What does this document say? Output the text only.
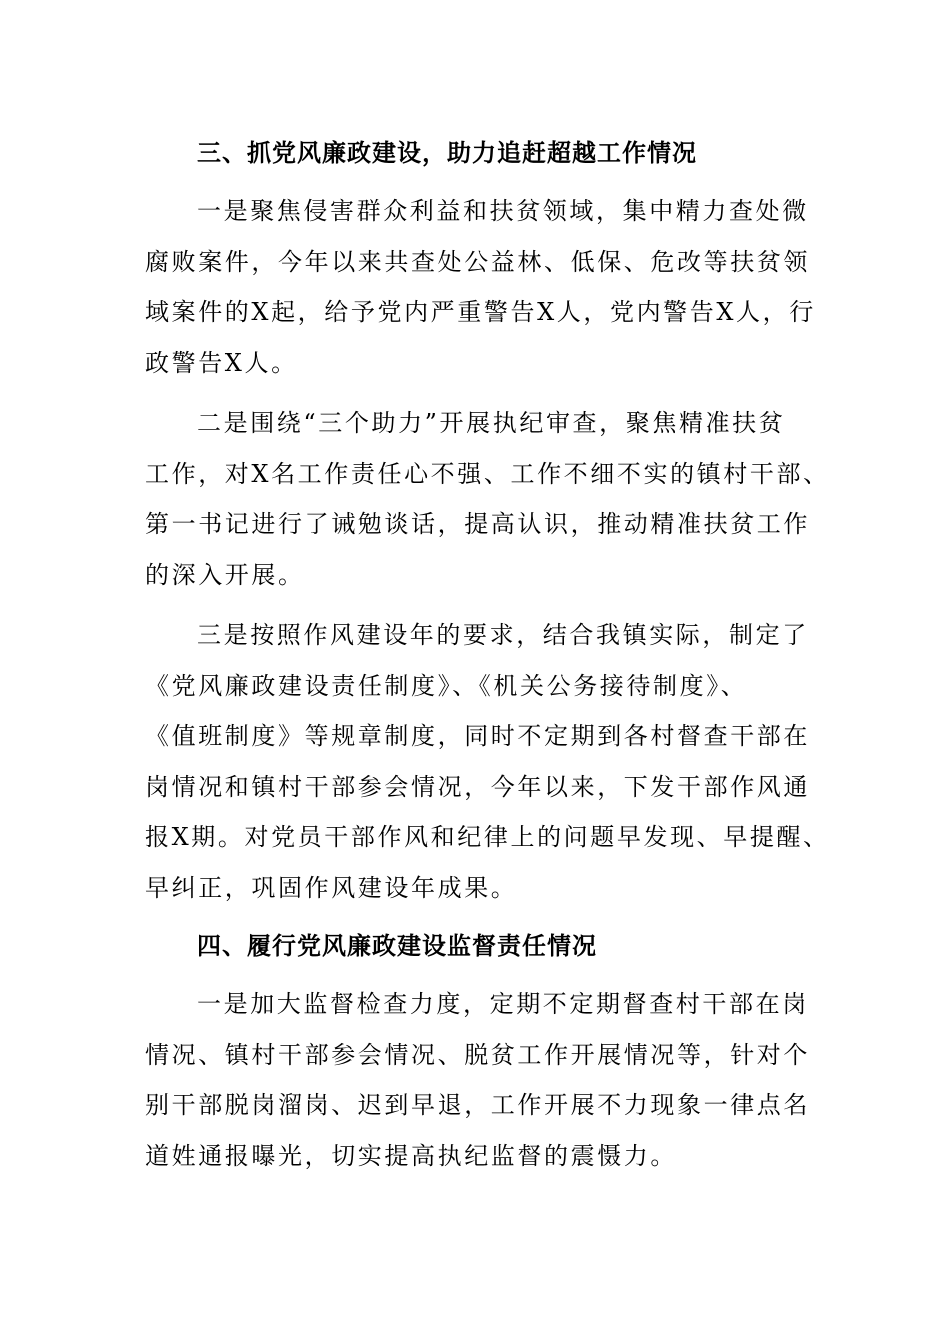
三、抓党风廉政建设，助力追赶超越工作情况

一是聚焦侵害群众利益和扶贫领域，集中精力查处微
腐败案件，今年以来共查处公益林、低保、危改等扶贫领
域案件的X起，给予党内严重警告X人，党内警告X人，行
政警告X人。

二是围绕“三个助力”开展执纪审查，聚焦精准扶贫
工作，对X名工作责任心不强、工作不细不实的镇村干部、
第一书记进行了诫勉谈话，提高认识，推动精准扶贫工作
的深入开展。

三是按照作风建设年的要求，结合我镇实际，制定了
《党风廉政建设责任制度》、《机关公务接待制度》、
《值班制度》等规章制度，同时不定期到各村督查干部在
岗情况和镇村干部参会情况，今年以来，下发干部作风通
报X期。对党员干部作风和纪律上的问题早发现、早提醒、
早纠正，巩固作风建设年成果。

四、履行党风廉政建设监督责任情况

一是加大监督检查力度，定期不定期督查村干部在岗
情况、镇村干部参会情况、脱贫工作开展情况等，针对个
别干部脱岗溜岗、迟到早退，工作开展不力现象一律点名
道姓通报曝光，切实提高执纪监督的震慑力。
